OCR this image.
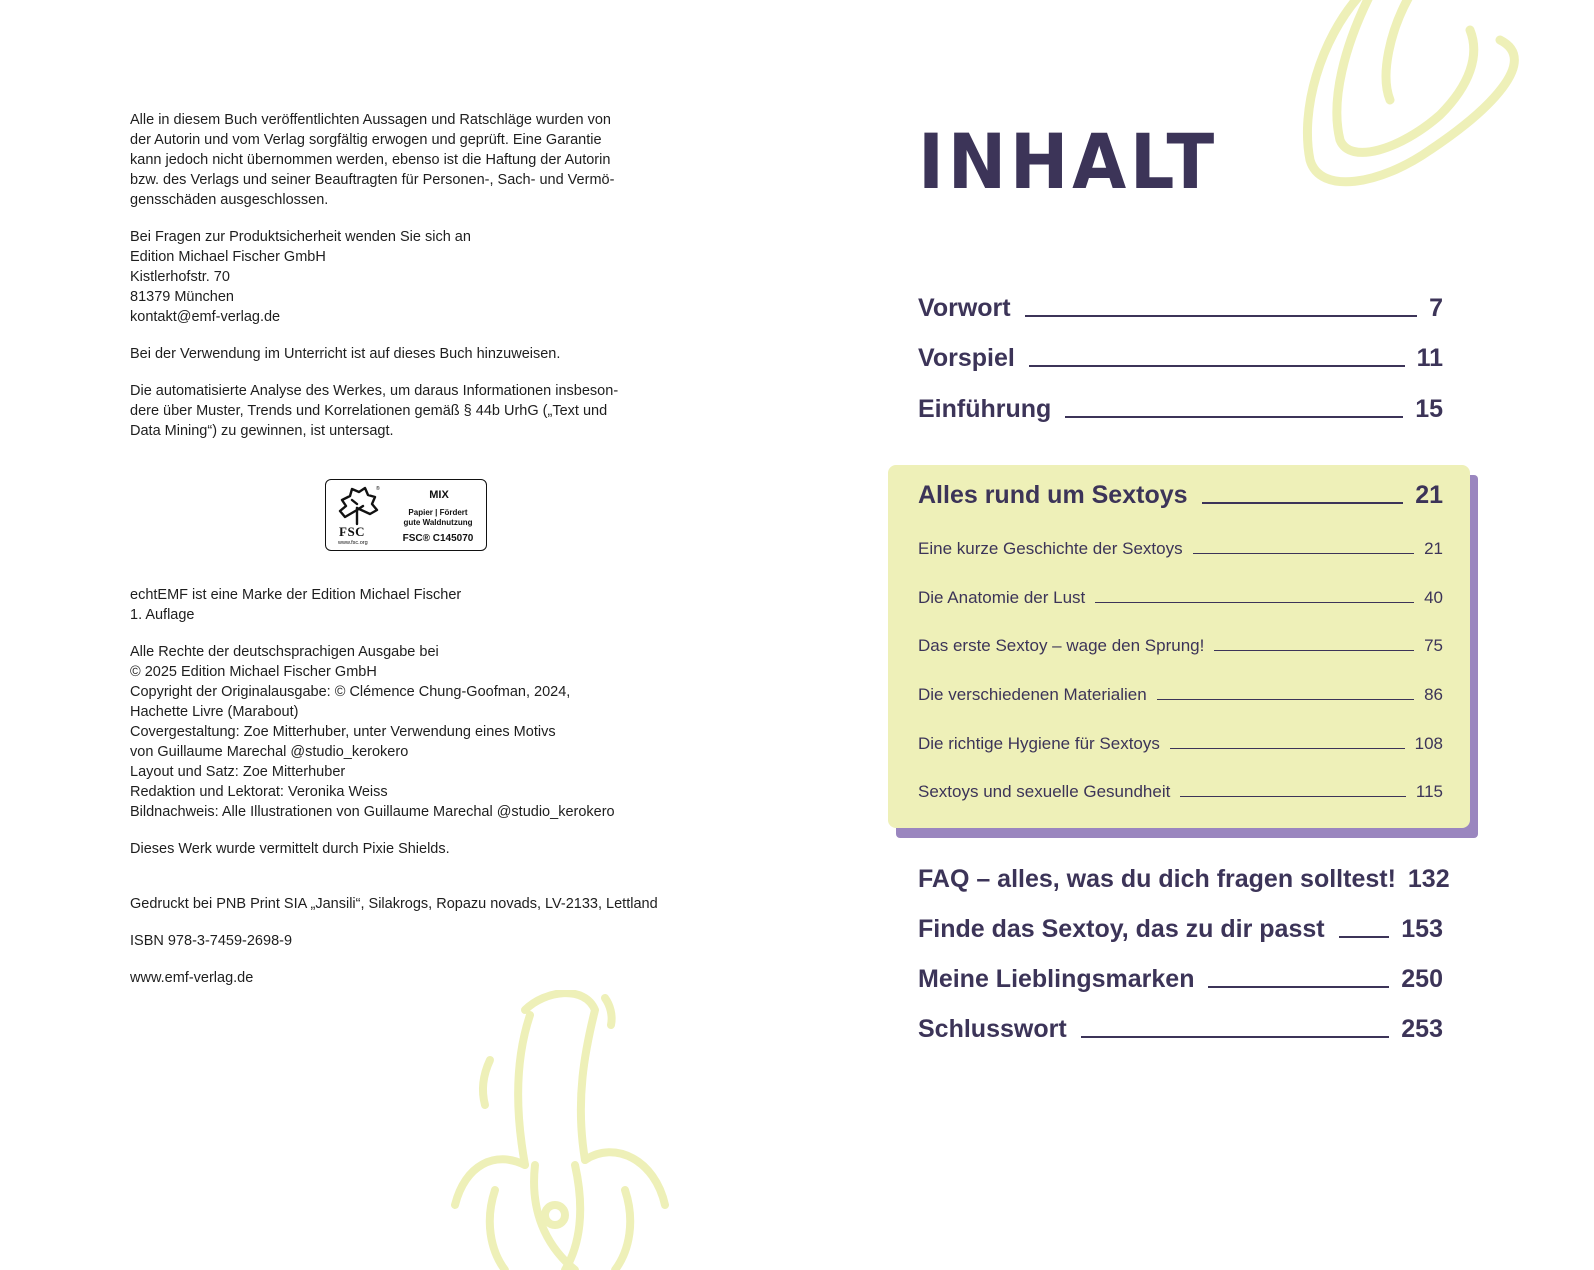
Alle in diesem Buch veröffentlichten Aussagen und Ratschläge wurden von
der Autorin und vom Verlag sorgfältig erwogen und geprüft. Eine Garantie
kann jedoch nicht übernommen werden, ebenso ist die Haftung der Autorin
bzw. des Verlags und seiner Beauftragten für Personen-, Sach- und Vermö-
gensschäden ausgeschlossen.

Bei Fragen zur Produktsicherheit wenden Sie sich an
Edition Michael Fischer GmbH
Kistlerhofstr. 70
81379 München
kontakt@emf-verlag.de

Bei der Verwendung im Unterricht ist auf dieses Buch hinzuweisen.

Die automatisierte Analyse des Werkes, um daraus Informationen insbeson-
dere über Muster, Trends und Korrelationen gemäß § 44b UrhG („Text und
Data Mining“) zu gewinnen, ist untersagt.

echtEMF ist eine Marke der Edition Michael Fischer
1. Auflage

Alle Rechte der deutschsprachigen Ausgabe bei
© 2025 Edition Michael Fischer GmbH
Copyright der Originalausgabe: © Clémence Chung-Goofman, 2024,
Hachette Livre (Marabout)
Covergestaltung: Zoe Mitterhuber, unter Verwendung eines Motivs
von Guillaume Marechal @studio_kerokero
Layout und Satz: Zoe Mitterhuber
Redaktion und Lektorat: Veronika Weiss
Bildnachweis: Alle Illustrationen von Guillaume Marechal @studio_kerokero

Dieses Werk wurde vermittelt durch Pixie Shields.

Gedruckt bei PNB Print SIA „Jansili“, Silakrogs, Ropazu novads, LV-2133, Lettland

ISBN 978-3-7459-2698-9

www.emf-verlag.de

®
FSC
www.fsc.org
MIX
Papier | Fördert
gute Waldnutzung
FSC® C145070
INHALT
Vorwort	7
Vorspiel	11
Einführung	15
Alles rund um Sextoys	21
Eine kurze Geschichte der Sextoys	21
Die Anatomie der Lust	40
Das erste Sextoy – wage den Sprung!	75
Die verschiedenen Materialien	86
Die richtige Hygiene für Sextoys	108
Sextoys und sexuelle Gesundheit	115
FAQ – alles, was du dich fragen solltest! 132
Finde das Sextoy, das zu dir passt	153
Meine Lieblingsmarken	250
Schlusswort	253
